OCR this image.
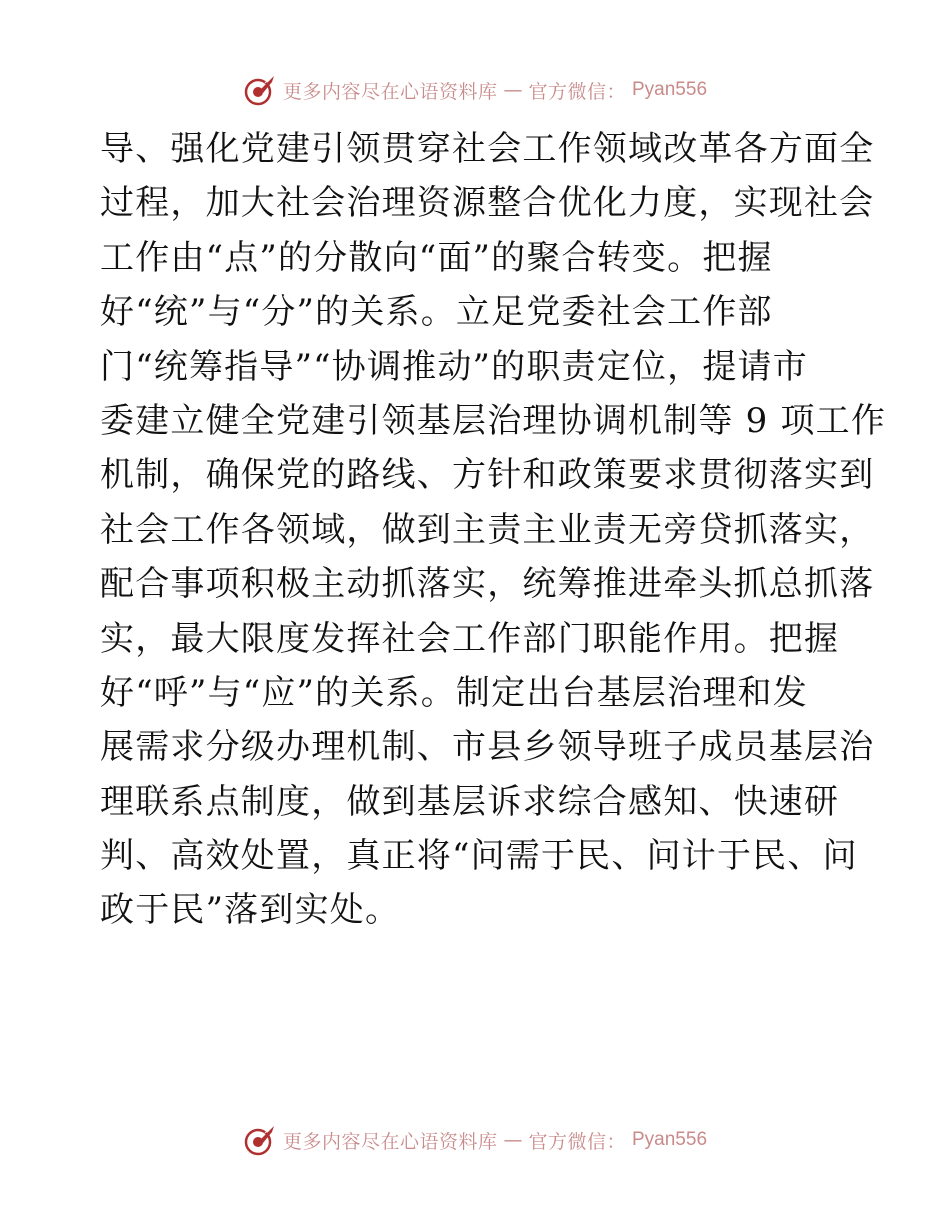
更多内容尽在心语资料库 — 官方微信： Pyan556
导、强化党建引领贯穿社会工作领域改革各方面全
过程，加大社会治理资源整合优化力度，实现社会
工作由“点”的分散向“面”的聚合转变。把握
好“统”与“分”的关系。立足党委社会工作部
门“统筹指导”“协调推动”的职责定位，提请市
委建立健全党建引领基层治理协调机制等 9 项工作
机制，确保党的路线、方针和政策要求贯彻落实到
社会工作各领域，做到主责主业责无旁贷抓落实，
配合事项积极主动抓落实，统筹推进牵头抓总抓落
实，最大限度发挥社会工作部门职能作用。把握
好“呼”与“应”的关系。制定出台基层治理和发
展需求分级办理机制、市县乡领导班子成员基层治
理联系点制度，做到基层诉求综合感知、快速研
判、高效处置，真正将“问需于民、问计于民、问
政于民”落到实处。
更多内容尽在心语资料库 — 官方微信： Pyan556
